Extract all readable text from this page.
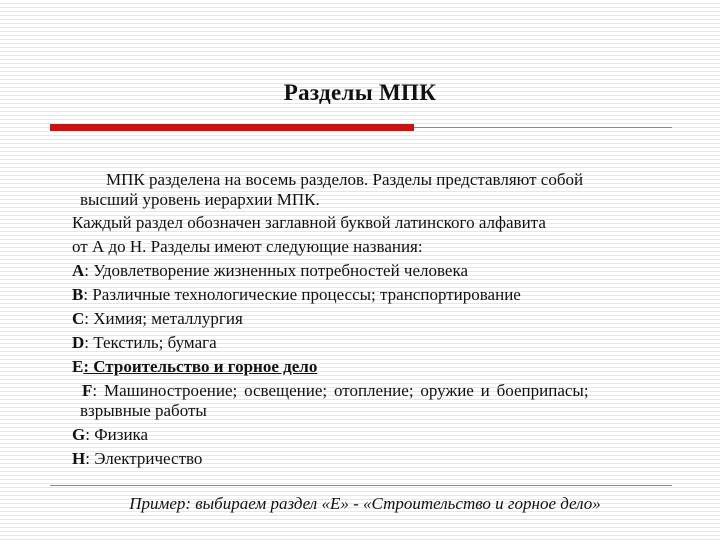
Разделы МПК
МПК разделена на восемь разделов. Разделы представляют собой
высший уровень иерархии МПК.
Каждый раздел обозначен заглавной буквой латинского алфавита
от А до Н. Разделы имеют следующие названия:
A: Удовлетворение жизненных потребностей человека
B: Различные технологические процессы; транспортирование
C: Химия; металлургия
D: Текстиль; бумага
E: Строительство и горное дело
F: Машиностроение; освещение; отопление; оружие и боеприпасы;
взрывные работы
G: Физика
H: Электричество
Пример: выбираем раздел «E» - «Строительство и горное дело»
